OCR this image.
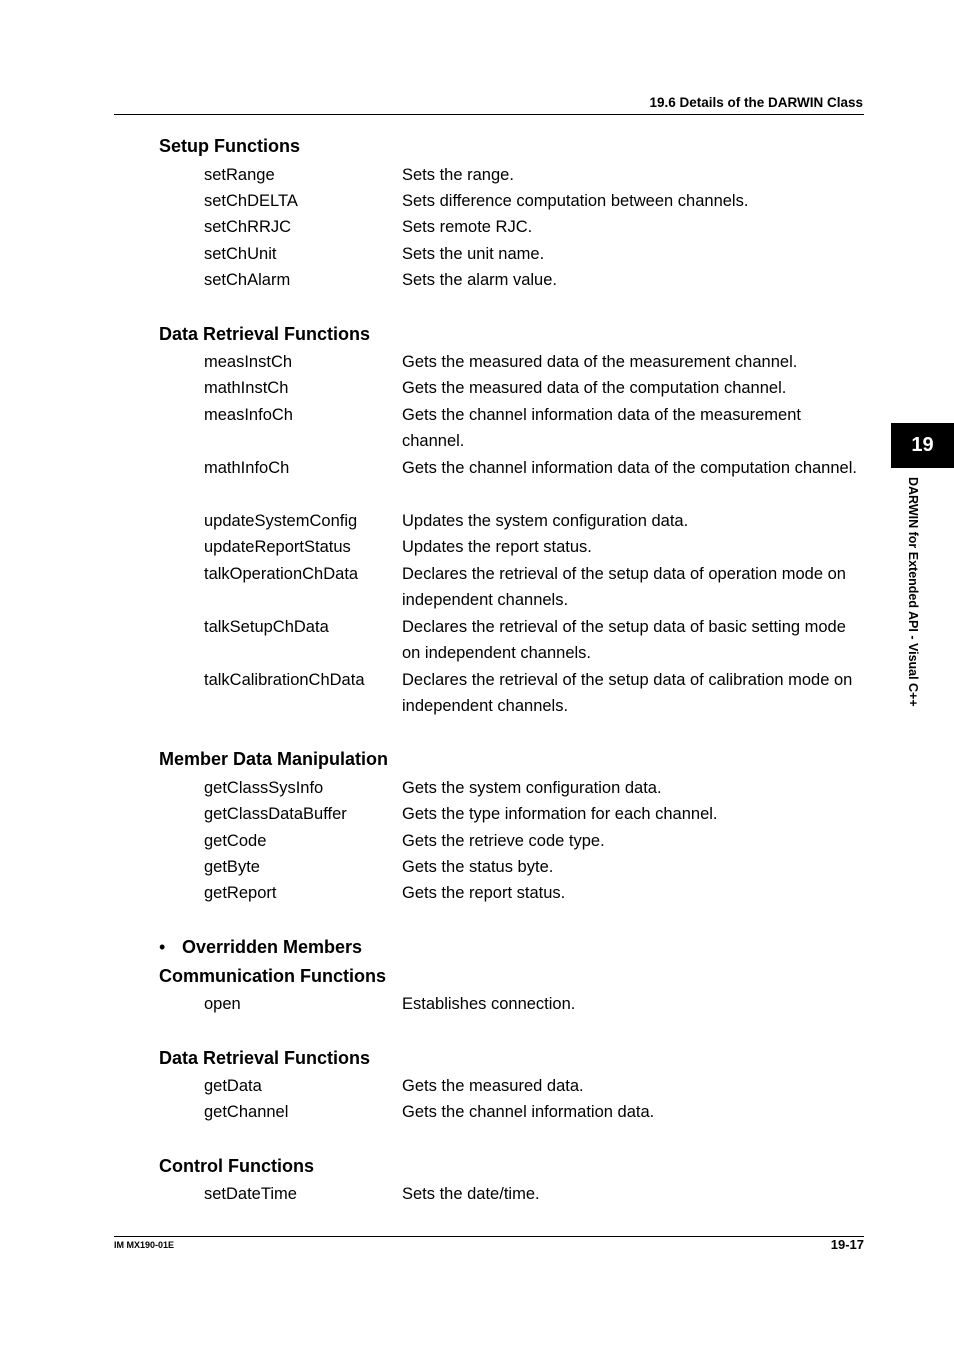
19.6 Details of the DARWIN Class
IM MX190-01E	19-17
19
DARWIN for Extended API - Visual C++
Setup Functions
setRange	Sets the range.
setChDELTA	Sets difference computation between channels.
setChRRJC	Sets remote RJC.
setChUnit	Sets the unit name.
setChAlarm	Sets the alarm value.
Data Retrieval Functions
measInstCh	Gets the measured data of the measurement channel.
mathInstCh	Gets the measured data of the computation channel.
measInfoCh	Gets the channel information data of the measurement channel.
mathInfoCh	Gets the channel information data of the computation channel.
updateSystemConfig	Updates the system configuration data.
updateReportStatus	Updates the report status.
talkOperationChData	Declares the retrieval of the setup data of operation mode on independent channels.
talkSetupChData	Declares the retrieval of the setup data of basic setting mode on independent channels.
talkCalibrationChData Declares the retrieval of the setup data of calibration mode on independent channels.
Member Data Manipulation
getClassSysInfo	Gets the system configuration data.
getClassDataBuffer	Gets the type information for each channel.
getCode	Gets the retrieve code type.
getByte	Gets the status byte.
getReport	Gets the report status.
• Overridden Members
Communication Functions
open	Establishes connection.
Data Retrieval Functions
getData	Gets the measured data.
getChannel	Gets the channel information data.
Control Functions
setDateTime	Sets the date/time.
